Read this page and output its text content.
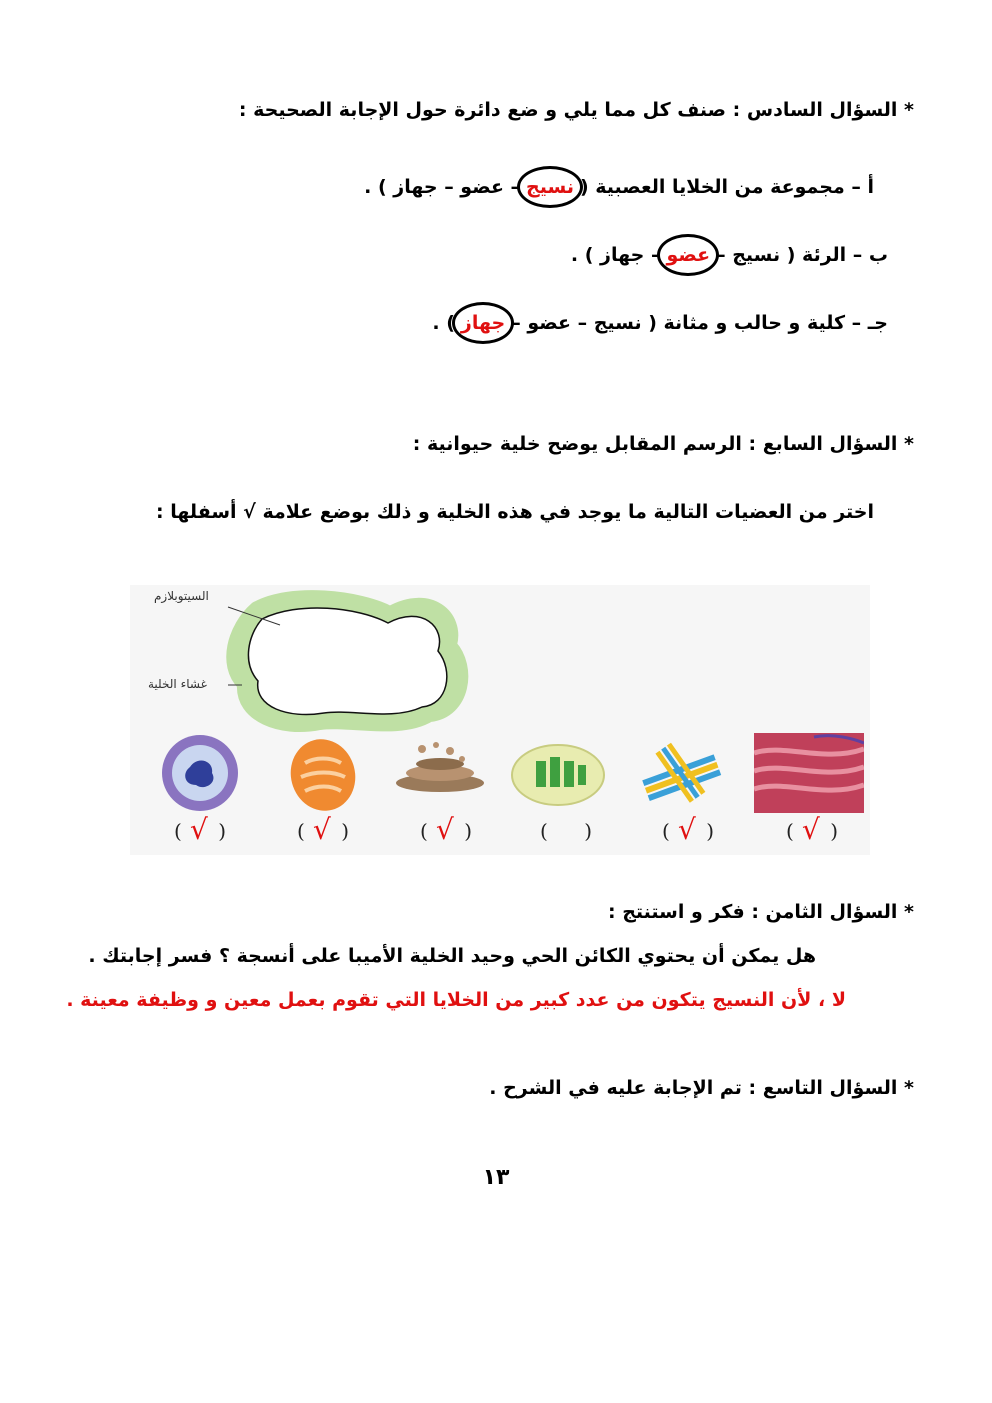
* السؤال السادس : صنف كل مما يلي و ضع دائرة حول الإجابة الصحيحة :
أ – مجموعة من الخلايا العصبية (نسيج– عضو – جهاز ) .
ب – الرئة ( نسيج –عضو– جهاز ) .
جـ – كلية و حالب و مثانة ( نسيج – عضو –جهاز) .
* السؤال السابع : الرسم المقابل يوضح خلية حيوانية :
اختر من العضيات التالية ما يوجد في هذه الخلية و ذلك بوضع علامة √ أسفلها :
السيتوبلازم
غشاء الخلية
( √ )	( √ )	( √ )	( )	( √ )	( √ )
* السؤال الثامن : فكر و استنتج :
هل يمكن أن يحتوي الكائن الحي وحيد الخلية الأميبا على أنسجة ؟ فسر إجابتك .
لا ، لأن النسيج يتكون من عدد كبير من الخلايا التي تقوم بعمل معين و وظيفة معينة .
* السؤال التاسع : تم الإجابة عليه في الشرح .
١٣
